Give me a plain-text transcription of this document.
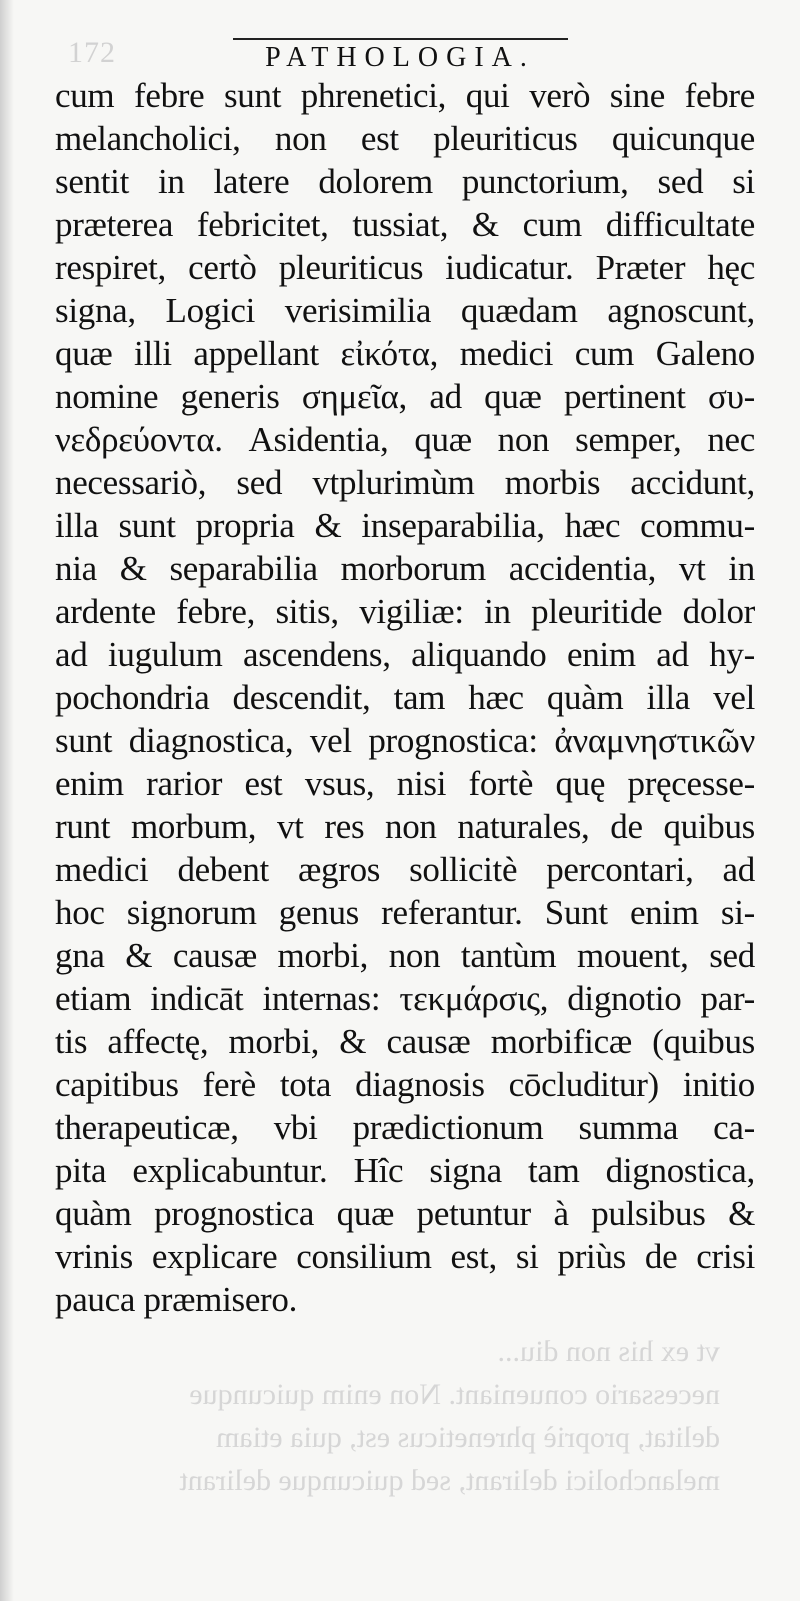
172	PATHOLOGIA.
cum febre sunt phrenetici, qui verò sine febre
melancholici, non est pleuriticus quicunque
sentit in latere dolorem punctorium, sed si
præterea febricitet, tussiat, & cum difficultate
respiret, certò pleuriticus iudicatur. Præter hęc
signa, Logici verisimilia quædam agnoscunt,
quæ illi appellant εἰκότα, medici cum Galeno
nomine generis σημεῖα, ad quæ pertinent συ-
νεδρεύοντα. Asidentia, quæ non semper, nec
necessariò, sed vtplurimùm morbis accidunt,
illa sunt propria & inseparabilia, hæc commu-
nia & separabilia morborum accidentia, vt in
ardente febre, sitis, vigiliæ: in pleuritide dolor
ad iugulum ascendens, aliquando enim ad hy-
pochondria descendit, tam hæc quàm illa vel
sunt diagnostica, vel prognostica: ἀναμνηστικῶν
enim rarior est vsus, nisi fortè quę pręcesse-
runt morbum, vt res non naturales, de quibus
medici debent ægros sollicitè percontari, ad
hoc signorum genus referantur. Sunt enim si-
gna & causæ morbi, non tantùm mouent, sed
etiam indicāt internas: τεκμάρσις, dignotio par-
tis affectę, morbi, & causæ morbificæ (quibus
capitibus ferè tota diagnosis cōcluditur) initio
therapeuticæ, vbi prædictionum summa ca-
pita explicabuntur. Hîc signa tam dignostica,
quàm prognostica quæ petuntur à pulsibus &
vrinis explicare consilium est, si priùs de crisi
pauca præmisero.
vt ex his non diu...
necessario conueniant. Non enim quicunque
delitat, propriè phreneticus est, quia etiam
melancholici delirant, sed quicunque delirant
